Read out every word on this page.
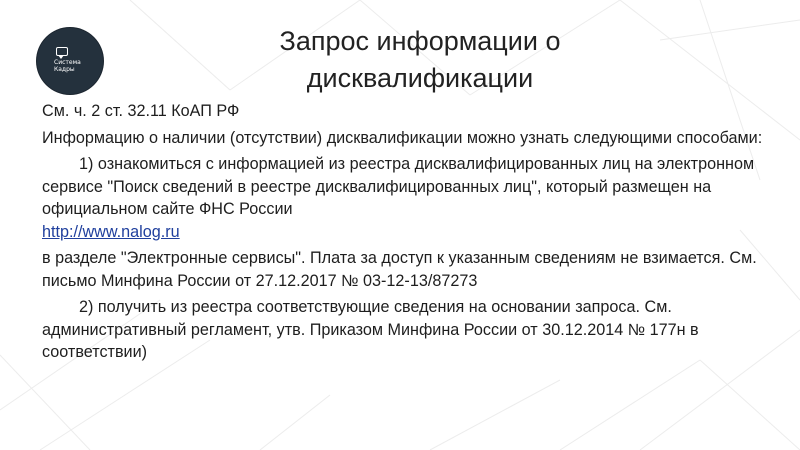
Система
Кадры
Запрос информации о
дисквалификации

См. ч. 2 ст. 32.11 КоАП РФ

Информацию о наличии (отсутствии) дисквалификации можно узнать следующими способами:

1) ознакомиться с информацией из реестра дисквалифицированных лиц на электронном сервисе "Поиск сведений в реестре дисквалифицированных лиц", который размещен на официальном сайте ФНС России
http://www.nalog.ru

в разделе "Электронные сервисы". Плата за доступ к указанным сведениям не взимается. См. письмо Минфина России от 27.12.2017 № 03-12-13/87273

2) получить из реестра соответствующие сведения на основании запроса. См. административный регламент, утв. Приказом Минфина России от 30.12.2014 № 177н в соответствии)
